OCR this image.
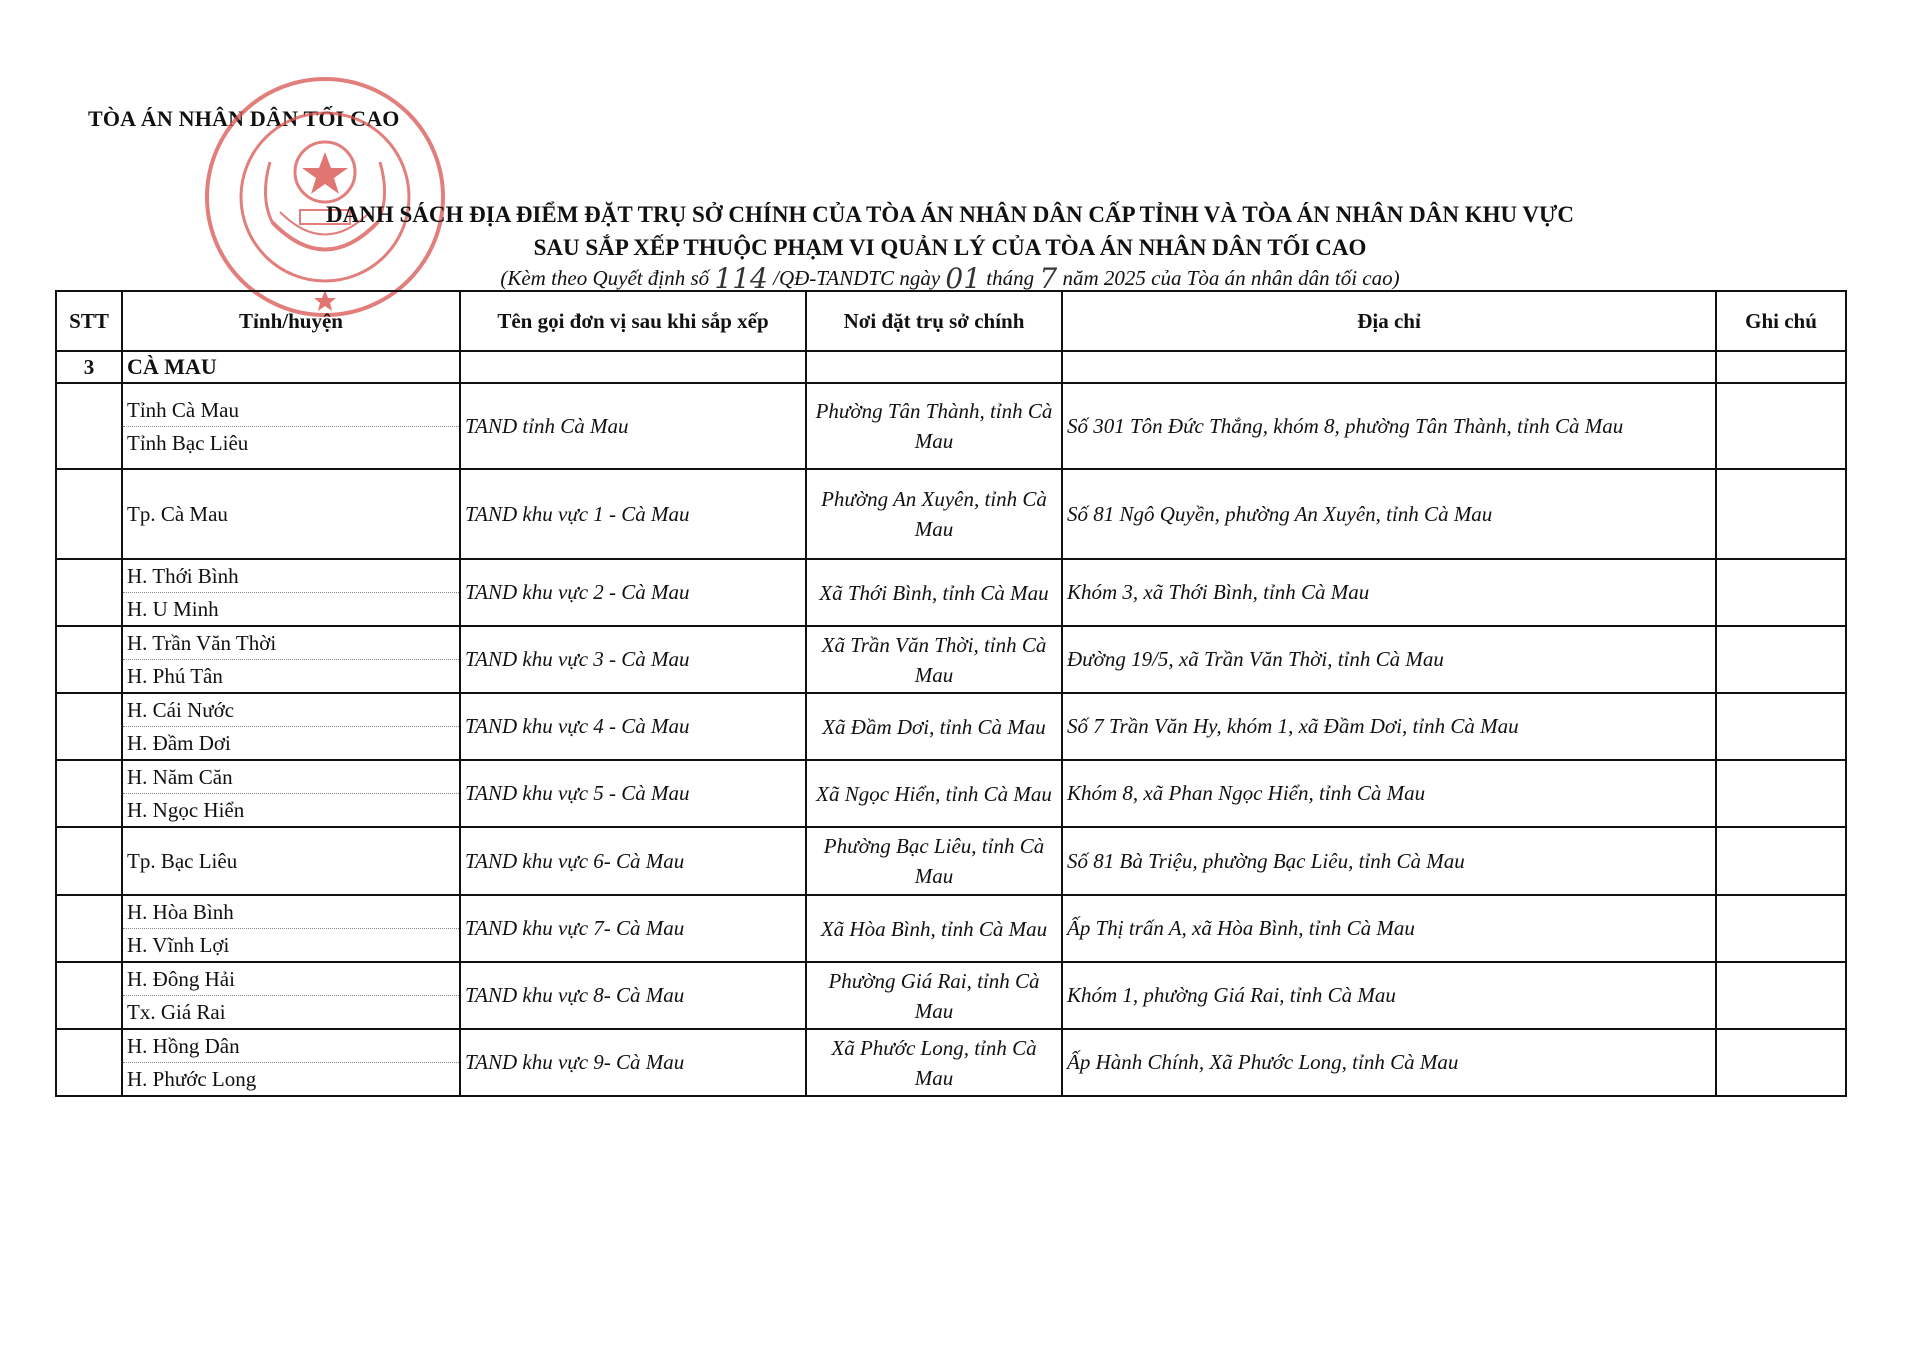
TÒA ÁN NHÂN DÂN TỐI CAO
DANH SÁCH ĐỊA ĐIỂM ĐẶT TRỤ SỞ CHÍNH CỦA TÒA ÁN NHÂN DÂN CẤP TỈNH VÀ TÒA ÁN NHÂN DÂN KHU VỰC
SAU SẮP XẾP THUỘC PHẠM VI QUẢN LÝ CỦA TÒA ÁN NHÂN DÂN TỐI CAO
(Kèm theo Quyết định số 114 /QĐ-TANDTC ngày 01 tháng 7 năm 2025 của Tòa án nhân dân tối cao)
STT	Tỉnh/huyện	Tên gọi đơn vị sau khi sắp xếp	Nơi đặt trụ sở chính	Địa chỉ	Ghi chú
3	CÀ MAU				

	Tỉnh Cà Mau
Tỉnh Bạc Liêu	TAND tỉnh Cà Mau	Phường Tân Thành, tỉnh Cà Mau	Số 301 Tôn Đức Thắng, khóm 8, phường Tân Thành, tỉnh Cà Mau	

	Tp. Cà Mau	TAND khu vực 1 - Cà Mau	Phường An Xuyên, tỉnh Cà Mau	Số 81 Ngô Quyền, phường An Xuyên, tỉnh Cà Mau	

	H. Thới Bình
H. U Minh	TAND khu vực 2 - Cà Mau	Xã Thới Bình, tỉnh Cà Mau	Khóm 3, xã Thới Bình, tỉnh Cà Mau	

	H. Trần Văn Thời
H. Phú Tân	TAND khu vực 3 - Cà Mau	Xã Trần Văn Thời, tỉnh Cà Mau	Đường 19/5, xã Trần Văn Thời, tỉnh Cà Mau	

	H. Cái Nước
H. Đầm Dơi	TAND khu vực 4 - Cà Mau	Xã Đầm Dơi, tỉnh Cà Mau	Số 7 Trần Văn Hy, khóm 1, xã Đầm Dơi, tỉnh Cà Mau	

	H. Năm Căn
H. Ngọc Hiển	TAND khu vực 5 - Cà Mau	Xã Ngọc Hiển, tỉnh Cà Mau	Khóm 8, xã Phan Ngọc Hiển, tỉnh Cà Mau	

	Tp. Bạc Liêu	TAND khu vực 6- Cà Mau	Phường Bạc Liêu, tỉnh Cà Mau	Số 81 Bà Triệu, phường Bạc Liêu, tỉnh Cà Mau	

	H. Hòa Bình
H. Vĩnh Lợi	TAND khu vực 7- Cà Mau	Xã Hòa Bình, tỉnh Cà Mau	Ấp Thị trấn A, xã Hòa Bình, tỉnh Cà Mau	

	H. Đông Hải
Tx. Giá Rai	TAND khu vực 8- Cà Mau	Phường Giá Rai, tỉnh Cà Mau	Khóm 1, phường Giá Rai, tỉnh Cà Mau	

	H. Hồng Dân
H. Phước Long	TAND khu vực 9- Cà Mau	Xã Phước Long, tỉnh Cà Mau	Ấp Hành Chính, Xã Phước Long, tỉnh Cà Mau	
